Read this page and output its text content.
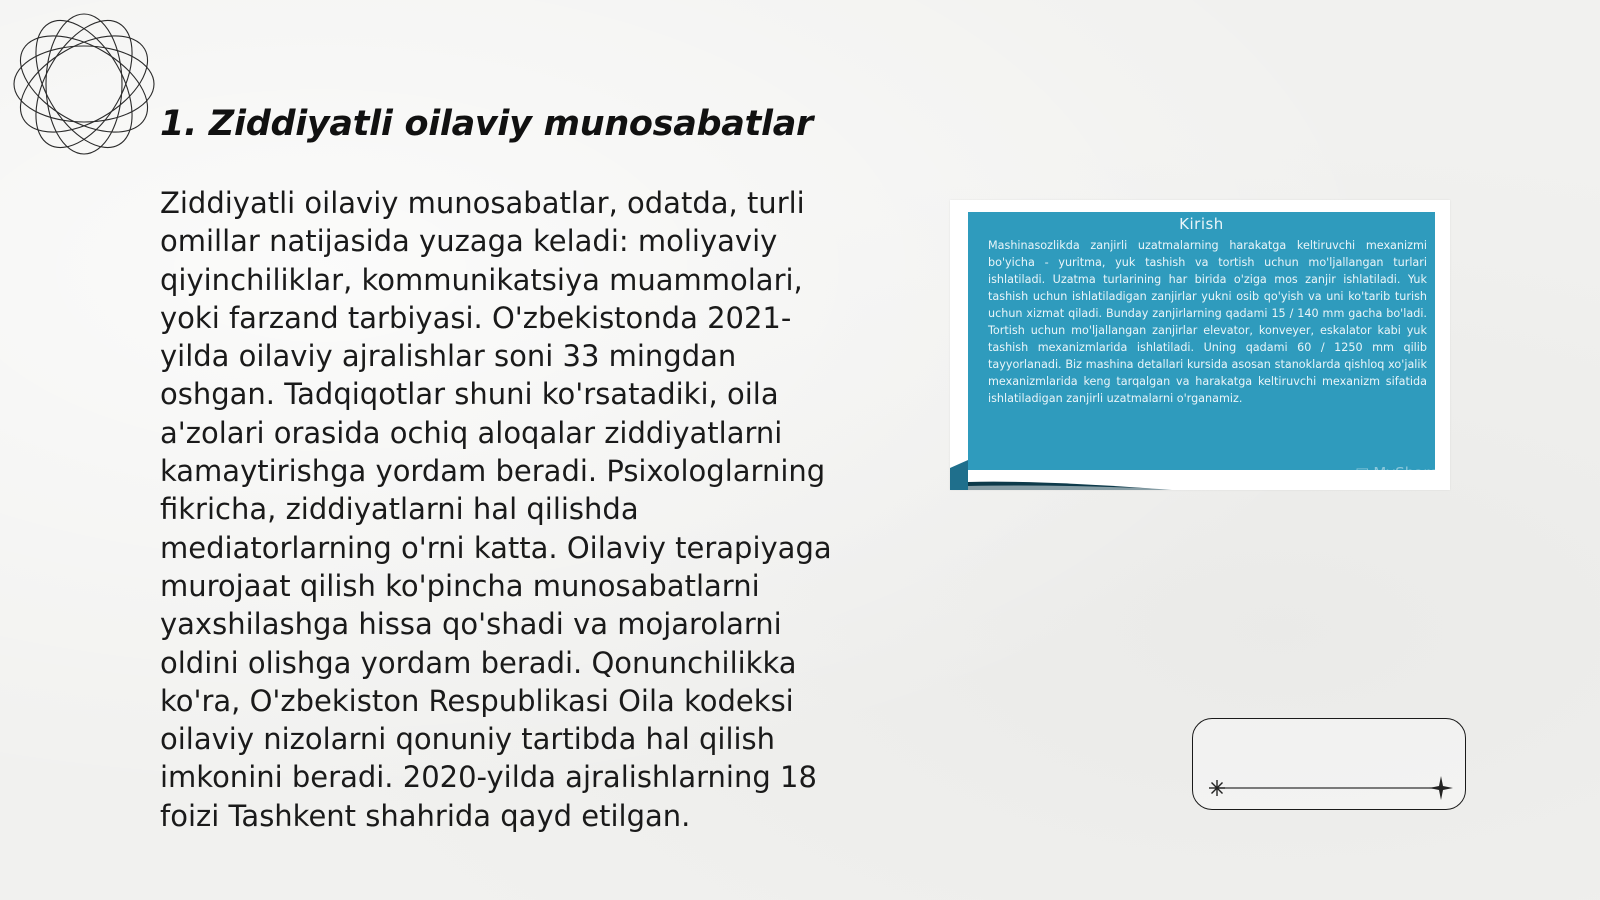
1. Ziddiyatli oilaviy munosabatlar

Ziddiyatli oilaviy munosabatlar, odatda, turli omillar natijasida yuzaga keladi: moliyaviy qiyinchiliklar, kommunikatsiya muammolari, yoki farzand tarbiyasi. O'zbekistonda 2021-yilda oilaviy ajralishlar soni 33 mingdan oshgan. Tadqiqotlar shuni ko'rsatadiki, oila a'zolari orasida ochiq aloqalar ziddiyatlarni kamaytirishga yordam beradi. Psixologlarning fikricha, ziddiyatlarni hal qilishda mediatorlarning o'rni katta. Oilaviy terapiyaga murojaat qilish ko'pincha munosabatlarni yaxshilashga hissa qo'shadi va mojarolarni oldini olishga yordam beradi. Qonunchilikka ko'ra, O'zbekiston Respublikasi Oila kodeksi oilaviy nizolarni qonuniy tartibda hal qilish imkonini beradi. 2020-yilda ajralishlarning 18 foizi Tashkent shahrida qayd etilgan.

Kirish
Mashinasozlikda zanjirli uzatmalarning harakatga keltiruvchi mexanizmi bo'yicha - yuritma, yuk tashish va tortish uchun mo'ljallangan turlari ishlatiladi. Uzatma turlarining har birida o'ziga mos zanjir ishlatiladi. Yuk tashish uchun ishlatiladigan zanjirlar yukni osib qo'yish va uni ko'tarib turish uchun xizmat qiladi. Bunday zanjirlarning qadami 15 / 140 mm gacha bo'ladi. Tortish uchun mo'ljallangan zanjirlar elevator, konveyer, eskalator kabi yuk tashish mexanizmlarida ishlatiladi. Uning qadami 60 / 1250 mm qilib tayyorlanadi. Biz mashina detallari kursida asosan stanoklarda qishloq xo'jalik mexanizmlarida keng tarqalgan va harakatga keltiruvchi mexanizm sifatida ishlatiladigan zanjirli uzatmalarni o'rganamiz.
▣ MyShared
